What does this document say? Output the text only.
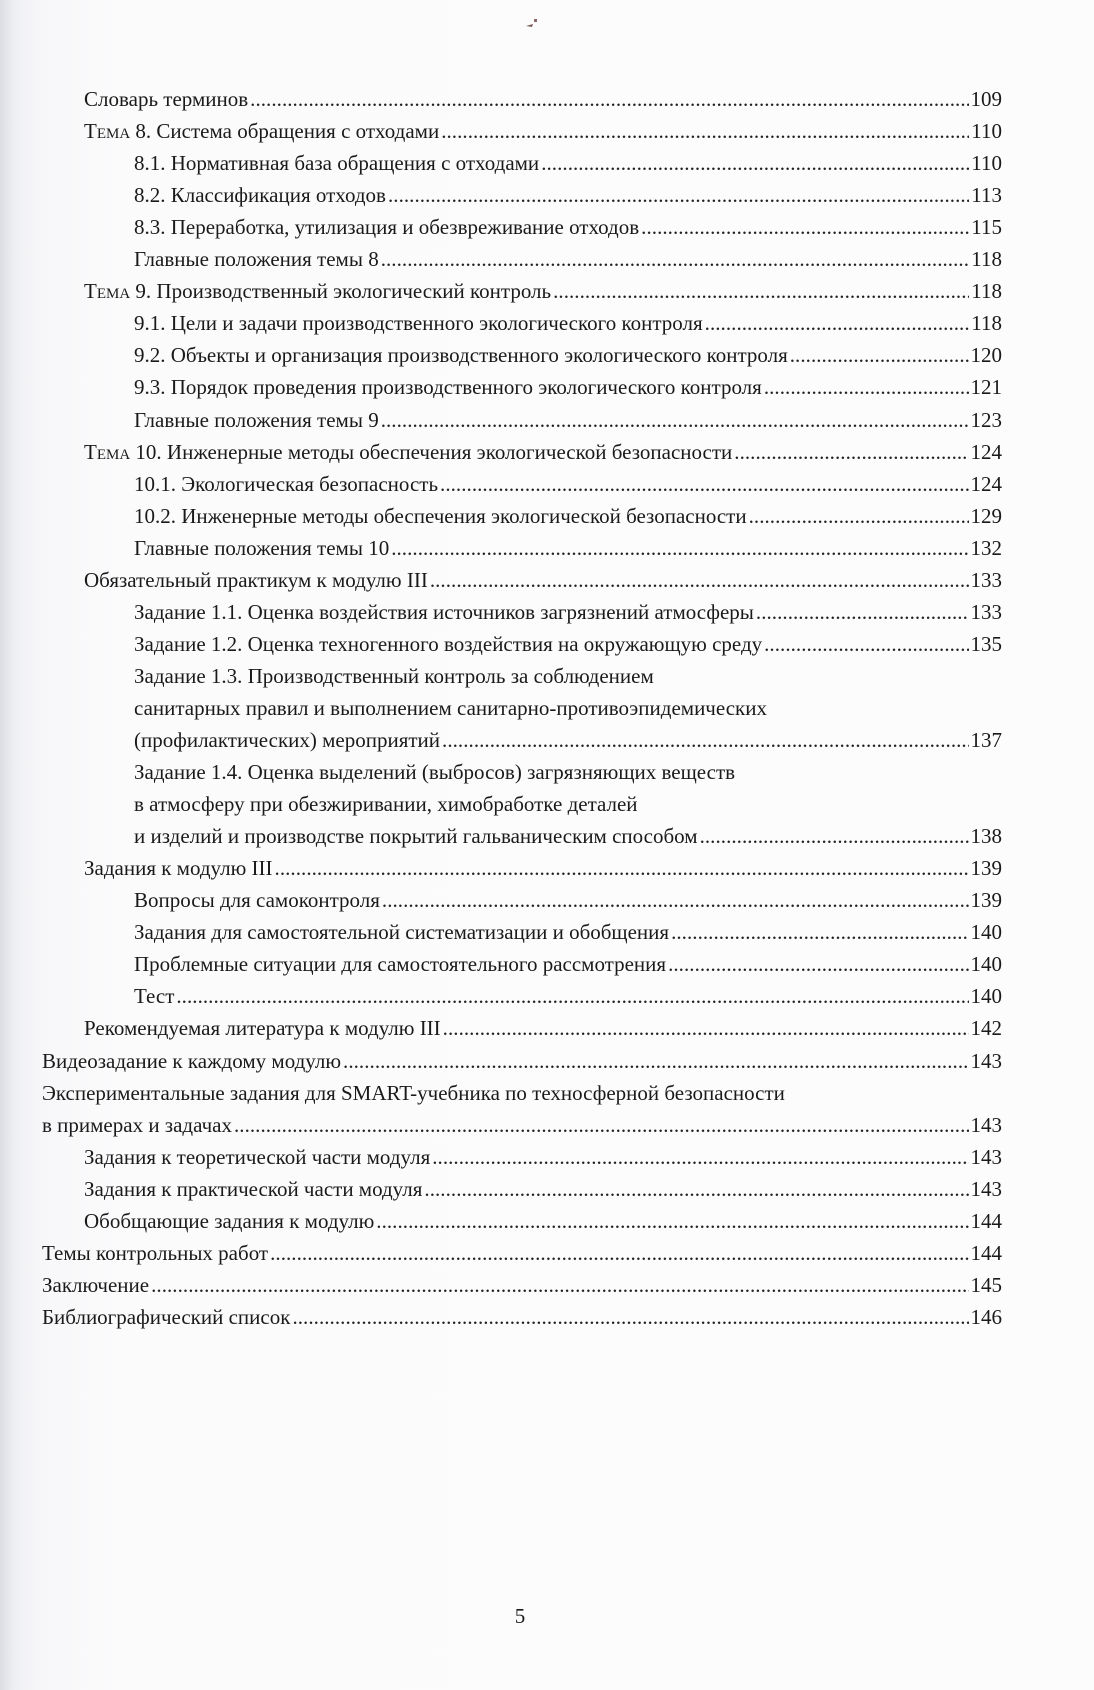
Словарь терминов . . .	109
Тема 8. Система обращения с отходами . . .	110
8.1. Нормативная база обращения с отходами . . .	110
8.2. Классификация отходов . . .	113
8.3. Переработка, утилизация и обезвреживание отходов . . .	115
Главные положения темы 8 . . .	118
Тема 9. Производственный экологический контроль . . .	118
9.1. Цели и задачи производственного экологического контроля . . .	118
9.2. Объекты и организация производственного экологического контроля . . .	120
9.3. Порядок проведения производственного экологического контроля . . .	121
Главные положения темы 9 . . .	123
Тема 10. Инженерные методы обеспечения экологической безопасности . . .	124
10.1. Экологическая безопасность . . .	124
10.2. Инженерные методы обеспечения экологической безопасности . . .	129
Главные положения темы 10 . . .	132
Обязательный практикум к модулю III . . .	133
Задание 1.1. Оценка воздействия источников загрязнений атмосферы . . .	133
Задание 1.2. Оценка техногенного воздействия на окружающую среду . . .	135
Задание 1.3. Производственный контроль за соблюдением
санитарных правил и выполнением санитарно-противоэпидемических
(профилактических) мероприятий . . .	137
Задание 1.4. Оценка выделений (выбросов) загрязняющих веществ
в атмосферу при обезжиривании, химобработке деталей
и изделий и производстве покрытий гальваническим способом . . .	138
Задания к модулю III . . .	139
Вопросы для самоконтроля . . .	139
Задания для самостоятельной систематизации и обобщения . . .	140
Проблемные ситуации для самостоятельного рассмотрения . . .	140
Тест . . .	140
Рекомендуемая литература к модулю III . . .	142
Видеозадание к каждому модулю . . .	143
Экспериментальные задания для SMART-учебника по техносферной безопасности
в примерах и задачах . . .	143
Задания к теоретической части модуля . . .	143
Задания к практической части модуля . . .	143
Обобщающие задания к модулю . . .	144
Темы контрольных работ . . .	144
Заключение . . .	145
Библиографический список . . .	146
5
